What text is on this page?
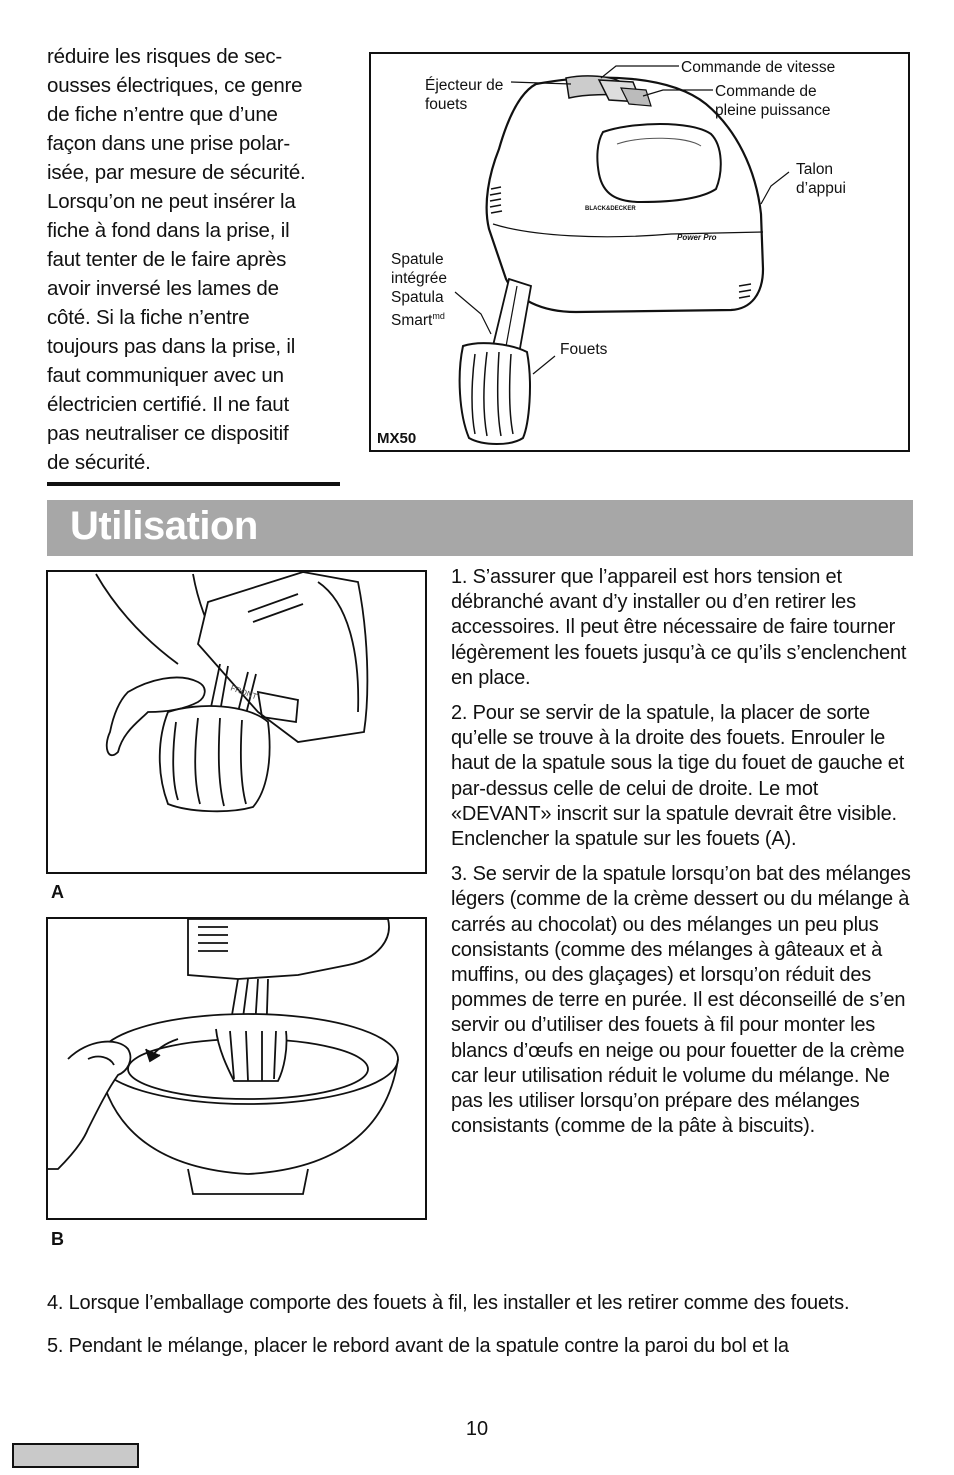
réduire les risques de sec-
ousses électriques, ce genre
de fiche n’entre que d’une
façon dans une prise polar-
isée, par mesure de sécurité.
Lorsqu’on ne peut insérer la
fiche à fond dans la prise, il
faut tenter de le faire après
avoir inversé les lames de
côté. Si la fiche n’entre
toujours pas dans la prise, il
faut communiquer avec un
électricien certifié. Il ne faut
pas neutraliser ce dispositif
de sécurité.
BLACK&DECKER
Power Pro
Éjecteur de
fouets
Commande de vitesse
Commande de
pleine puissance
Talon
d’appui
Spatule
intégrée
Spatula
Smart$^{md}$
Fouets
MX50
Utilisation
FRONT
A
B

1. S’assurer que l’appareil est hors tension et débranché avant d’y installer ou d’en retirer les accessoires. Il peut être nécessaire de faire tourner légèrement les fouets jusqu’à ce qu’ils s’enclenchent en place.

2. Pour se servir de la spatule, la placer de sorte qu’elle se trouve à la droite des fouets. Enrouler le haut de la spatule sous la tige du fouet de gauche et par-dessus celle de celui de droite. Le mot «DEVANT» inscrit sur la spatule devrait être visible. Enclencher la spatule sur les fouets (A).

3. Se servir de la spatule lorsqu’on bat des mélanges légers (comme de la crème dessert ou du mélange à carrés au chocolat) ou des mélanges un peu plus consistants (comme des mélanges à gâteaux et à muffins, ou des glaçages) et lorsqu’on réduit des pommes de terre en purée. Il est déconseillé de s’en servir ou d’utiliser des fouets à fil pour monter les blancs d’œufs en neige ou pour fouetter de la crème car leur utilisation réduit le volume du mélange. Ne pas les utiliser lorsqu’on prépare des mélanges consistants (comme de la pâte à biscuits).

4. Lorsque l’emballage comporte des fouets à fil, les installer et les retirer comme des fouets.

5. Pendant le mélange, placer le rebord avant de la spatule contre la paroi du bol et la

10
